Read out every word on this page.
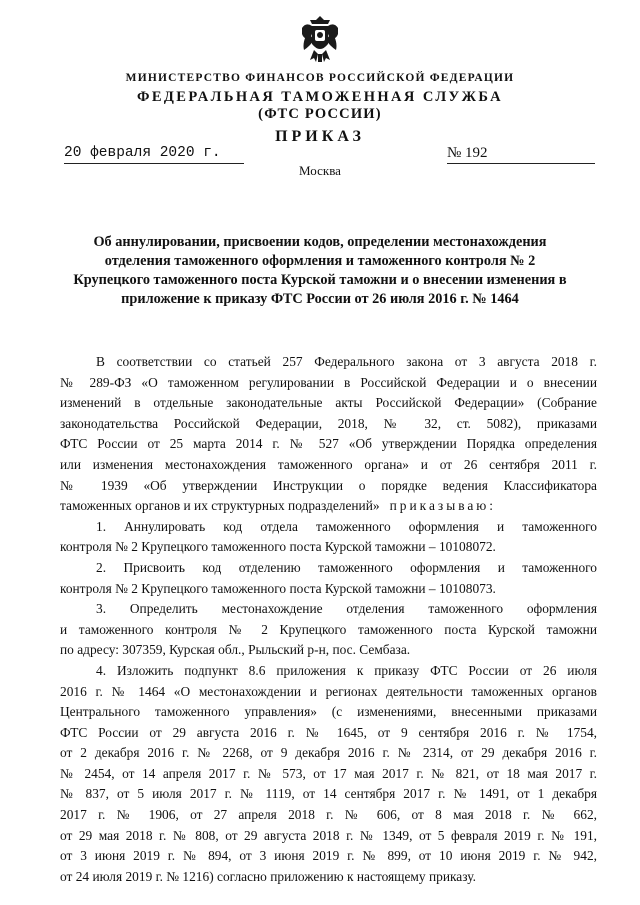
МИНИСТЕРСТВО ФИНАНСОВ РОССИЙСКОЙ ФЕДЕРАЦИИ
ФЕДЕРАЛЬНАЯ ТАМОЖЕННАЯ СЛУЖБА
(ФТС РОССИИ)
ПРИКАЗ
20 февраля 2020 г.	№ 192
Москва
Об аннулировании, присвоении кодов, определении местонахождения
отделения таможенного оформления и таможенного контроля № 2
Крупецкого таможенного поста Курской таможни и о внесении изменения в
приложение к приказу ФТС России от 26 июля 2016 г. № 1464
В соответствии со статьей 257 Федерального закона от 3 августа 2018 г.
№ 289-ФЗ «О таможенном регулировании в Российской Федерации и о внесении
изменений в отдельные законодательные акты Российской Федерации» (Собрание
законодательства Российской Федерации, 2018, № 32, ст. 5082), приказами
ФТС России от 25 марта 2014 г. № 527 «Об утверждении Порядка определения
или изменения местонахождения таможенного органа» и от 26 сентября 2011 г.
№ 1939 «Об утверждении Инструкции о порядке ведения Классификатора
таможенных органов и их структурных подразделений» приказываю:
1. Аннулировать код отдела таможенного оформления и таможенного
контроля № 2 Крупецкого таможенного поста Курской таможни – 10108072.
2. Присвоить код отделению таможенного оформления и таможенного
контроля № 2 Крупецкого таможенного поста Курской таможни – 10108073.
3. Определить местонахождение отделения таможенного оформления
и таможенного контроля № 2 Крупецкого таможенного поста Курской таможни
по адресу: 307359, Курская обл., Рыльский р-н, пос. Сембаза.
4. Изложить подпункт 8.6 приложения к приказу ФТС России от 26 июля
2016 г. № 1464 «О местонахождении и регионах деятельности таможенных органов
Центрального таможенного управления» (с изменениями, внесенными приказами
ФТС России от 29 августа 2016 г. № 1645, от 9 сентября 2016 г. № 1754,
от 2 декабря 2016 г. № 2268, от 9 декабря 2016 г. № 2314, от 29 декабря 2016 г.
№ 2454, от 14 апреля 2017 г. № 573, от 17 мая 2017 г. № 821, от 18 мая 2017 г.
№ 837, от 5 июля 2017 г. № 1119, от 14 сентября 2017 г. № 1491, от 1 декабря
2017 г. № 1906, от 27 апреля 2018 г. № 606, от 8 мая 2018 г. № 662,
от 29 мая 2018 г. № 808, от 29 августа 2018 г. № 1349, от 5 февраля 2019 г. № 191,
от 3 июня 2019 г. № 894, от 3 июня 2019 г. № 899, от 10 июня 2019 г. № 942,
от 24 июля 2019 г. № 1216) согласно приложению к настоящему приказу.
